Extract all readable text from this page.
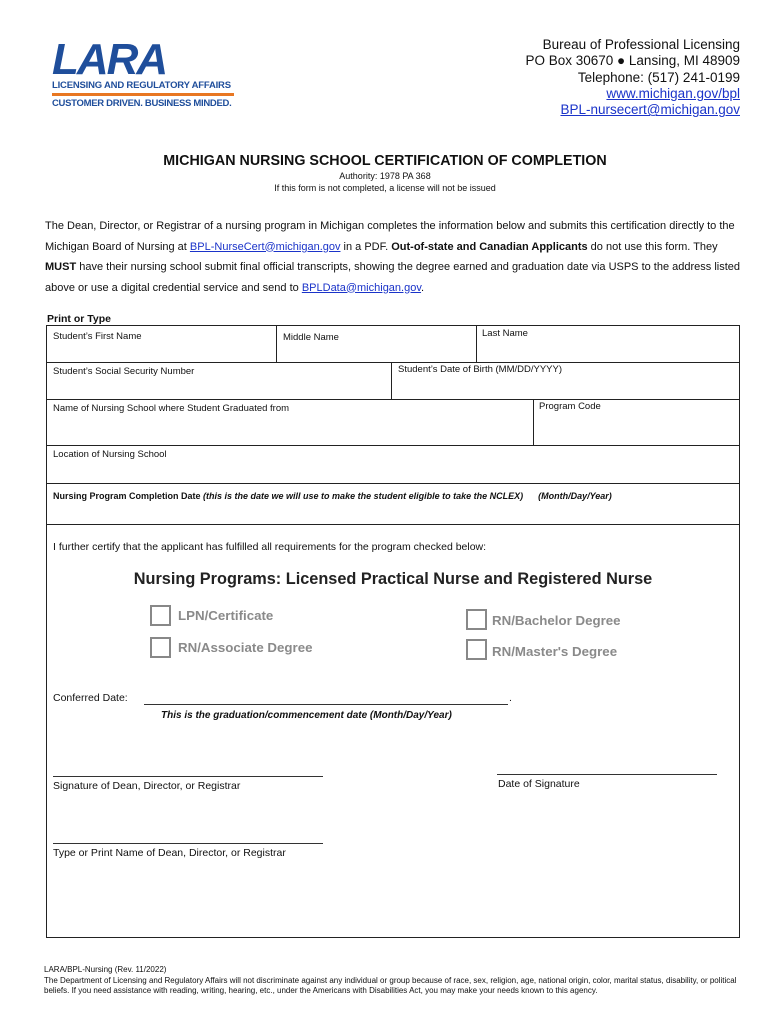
LARA
LICENSING AND REGULATORY AFFAIRS
CUSTOMER DRIVEN. BUSINESS MINDED.
Bureau of Professional Licensing
PO Box 30670 ● Lansing, MI 48909
Telephone: (517) 241-0199
www.michigan.gov/bpl
BPL-nursecert@michigan.gov
MICHIGAN NURSING SCHOOL CERTIFICATION OF COMPLETION
Authority: 1978 PA 368
If this form is not completed, a license will not be issued
The Dean, Director, or Registrar of a nursing program in Michigan completes the information below and submits this certification directly to the Michigan Board of Nursing at BPL-NurseCert@michigan.gov in a PDF. Out-of-state and Canadian Applicants do not use this form. They MUST have their nursing school submit final official transcripts, showing the degree earned and graduation date via USPS to the address listed above or use a digital credential service and send to BPLData@michigan.gov.
Print or Type
Student’s First Name	Middle Name	Last Name
Student’s Social Security Number	Student’s Date of Birth (MM/DD/YYYY)
Name of Nursing School where Student Graduated from	Program Code
Location of Nursing School
Nursing Program Completion Date (this is the date we will use to make the student eligible to take the NCLEX) (Month/Day/Year)
I further certify that the applicant has fulfilled all requirements for the program checked below:
Nursing Programs: Licensed Practical Nurse and Registered Nurse
LPN/Certificate
RN/Associate Degree
RN/Bachelor Degree
RN/Master's Degree
Conferred Date:	.
This is the graduation/commencement date (Month/Day/Year)
Signature of Dean, Director, or Registrar	Date of Signature
Type or Print Name of Dean, Director, or Registrar
LARA/BPL-Nursing (Rev. 11/2022)
The Department of Licensing and Regulatory Affairs will not discriminate against any individual or group because of race, sex, religion, age, national origin, color, marital status, disability, or political beliefs. If you need assistance with reading, writing, hearing, etc., under the Americans with Disabilities Act, you may make your needs known to this agency.
